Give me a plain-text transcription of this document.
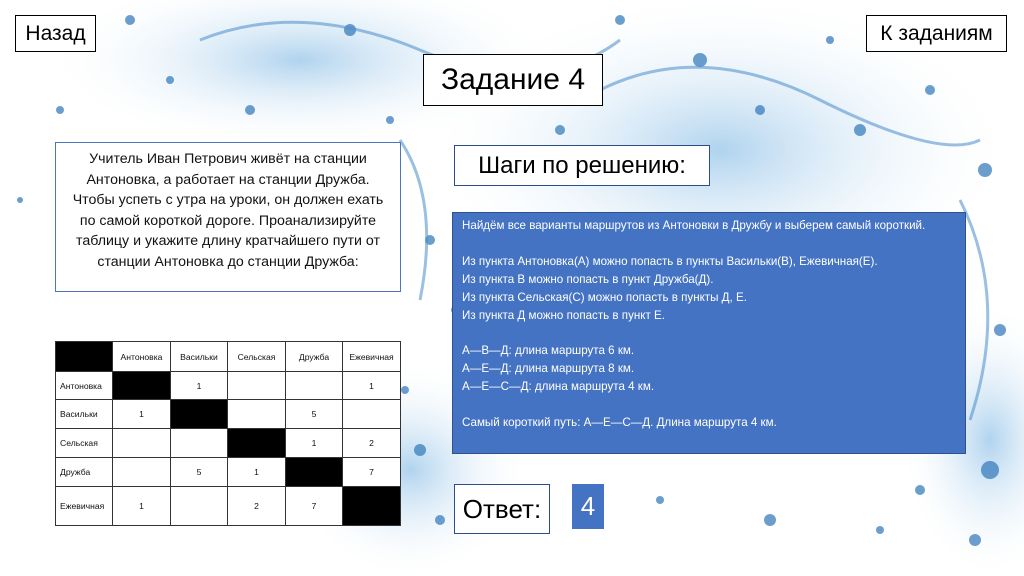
Назад	К заданиям
Задание 4
Учитель Иван Петрович живёт на станции Антоновка, а работает на станции Дружба. Чтобы успеть с утра на уроки, он должен ехать по самой короткой дороге. Проанализируйте таблицу и укажите длину кратчайшего пути от станции Антоновка до станции Дружба:
Шаги по решению:

Найдём все варианты маршрутов из Антоновки в Дружбу и выберем самый короткий.

Из пункта Антоновка(А) можно попасть в пункты Васильки(В), Ежевичная(Е).

Из пункта В можно попасть в пункт Дружба(Д).

Из пункта Сельская(С) можно попасть в пункты Д, Е.

Из пункта Д можно попасть в пункт Е.

А—В—Д: длина маршрута 6 км.

А—Е—Д: длина маршрута 8 км.

А—Е—С—Д: длина маршрута 4 км.

Самый короткий путь: А—Е—С—Д. Длина маршрута 4 км.

Ответ:	4
	Антоновка	Васильки	Сельская	Дружба	Ежевичная
Антоновка		1			1
Васильки	1			5	
Сельская				1	2
Дружба		5	1		7
Ежевичная	1		2	7	
